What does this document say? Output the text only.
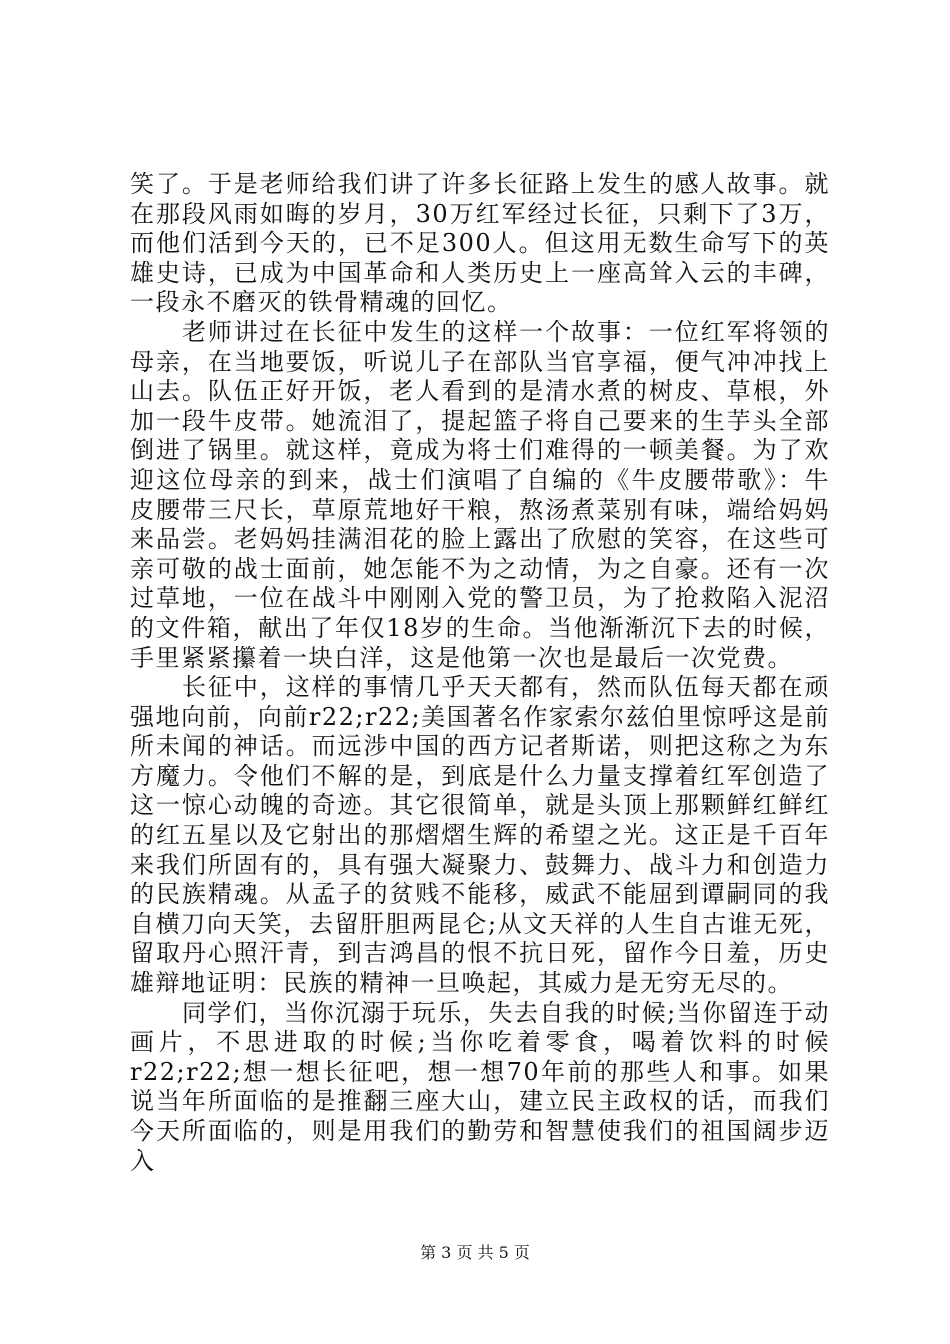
笑了。于是老师给我们讲了许多长征路上发生的感人故事。就在那段风雨如晦的岁月，30万红军经过长征，只剩下了3万，而他们活到今天的，已不足300人。但这用无数生命写下的英雄史诗，已成为中国革命和人类历史上一座高耸入云的丰碑，一段永不磨灭的铁骨精魂的回忆。

老师讲过在长征中发生的这样一个故事：一位红军将领的母亲，在当地要饭，听说儿子在部队当官享福，便气冲冲找上山去。队伍正好开饭，老人看到的是清水煮的树皮、草根，外加一段牛皮带。她流泪了，提起篮子将自己要来的生芋头全部倒进了锅里。就这样，竟成为将士们难得的一顿美餐。为了欢迎这位母亲的到来，战士们演唱了自编的《牛皮腰带歌》：牛皮腰带三尺长，草原荒地好干粮，熬汤煮菜别有味，端给妈妈来品尝。老妈妈挂满泪花的脸上露出了欣慰的笑容，在这些可亲可敬的战士面前，她怎能不为之动情，为之自豪。还有一次过草地，一位在战斗中刚刚入党的警卫员，为了抢救陷入泥沼的文件箱，献出了年仅18岁的生命。当他渐渐沉下去的时候，手里紧紧攥着一块白洋，这是他第一次也是最后一次党费。

长征中，这样的事情几乎天天都有，然而队伍每天都在顽强地向前，向前r22;r22;美国著名作家索尔兹伯里惊呼这是前所未闻的神话。而远涉中国的西方记者斯诺，则把这称之为东方魔力。令他们不解的是，到底是什么力量支撑着红军创造了这一惊心动魄的奇迹。其它很简单，就是头顶上那颗鲜红鲜红的红五星以及它射出的那熠熠生辉的希望之光。这正是千百年来我们所固有的，具有强大凝聚力、鼓舞力、战斗力和创造力的民族精魂。从孟子的贫贱不能移，威武不能屈到谭嗣同的我自横刀向天笑，去留肝胆两昆仑;从文天祥的人生自古谁无死，留取丹心照汗青，到吉鸿昌的恨不抗日死，留作今日羞，历史雄辩地证明：民族的精神一旦唤起，其威力是无穷无尽的。

同学们，当你沉溺于玩乐，失去自我的时候;当你留连于动画片，不思进取的时候;当你吃着零食，喝着饮料的时候r22;r22;想一想长征吧，想一想70年前的那些人和事。如果说当年所面临的是推翻三座大山，建立民主政权的话，而我们今天所面临的，则是用我们的勤劳和智慧使我们的祖国阔步迈入

第 3 页 共 5 页
